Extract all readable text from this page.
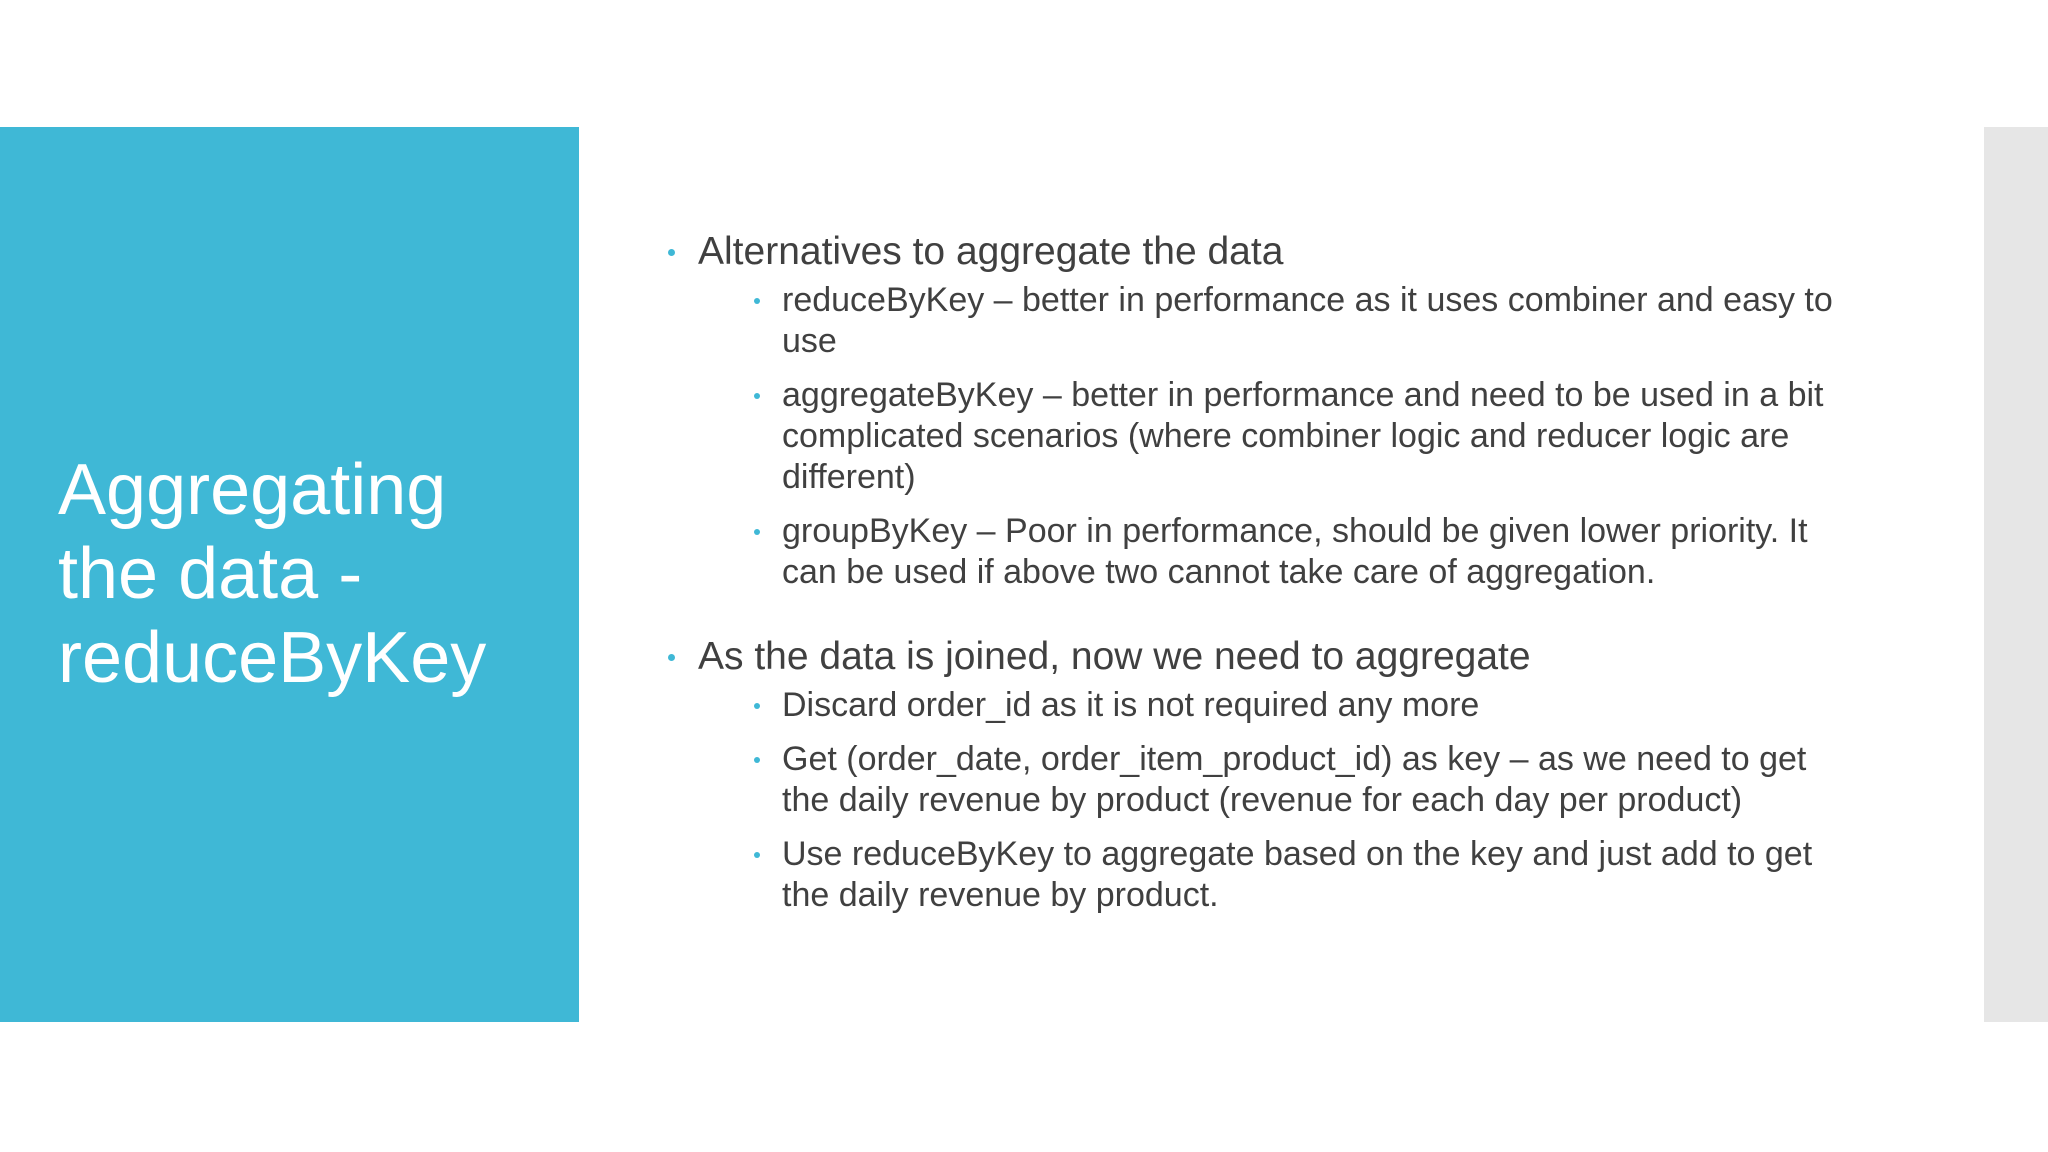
Aggregating the data - reduceByKey
Alternatives to aggregate the data
reduceByKey – better in performance as it uses combiner and easy to use
aggregateByKey – better in performance and need to be used in a bit complicated scenarios (where combiner logic and reducer logic are different)
groupByKey – Poor in performance, should be given lower priority. It can be used if above two cannot take care of aggregation.
As the data is joined, now we need to aggregate
Discard order_id as it is not required any more
Get (order_date, order_item_product_id) as key – as we need to get the daily revenue by product (revenue for each day per product)
Use reduceByKey to aggregate based on the key and just add to get the daily revenue by product.
